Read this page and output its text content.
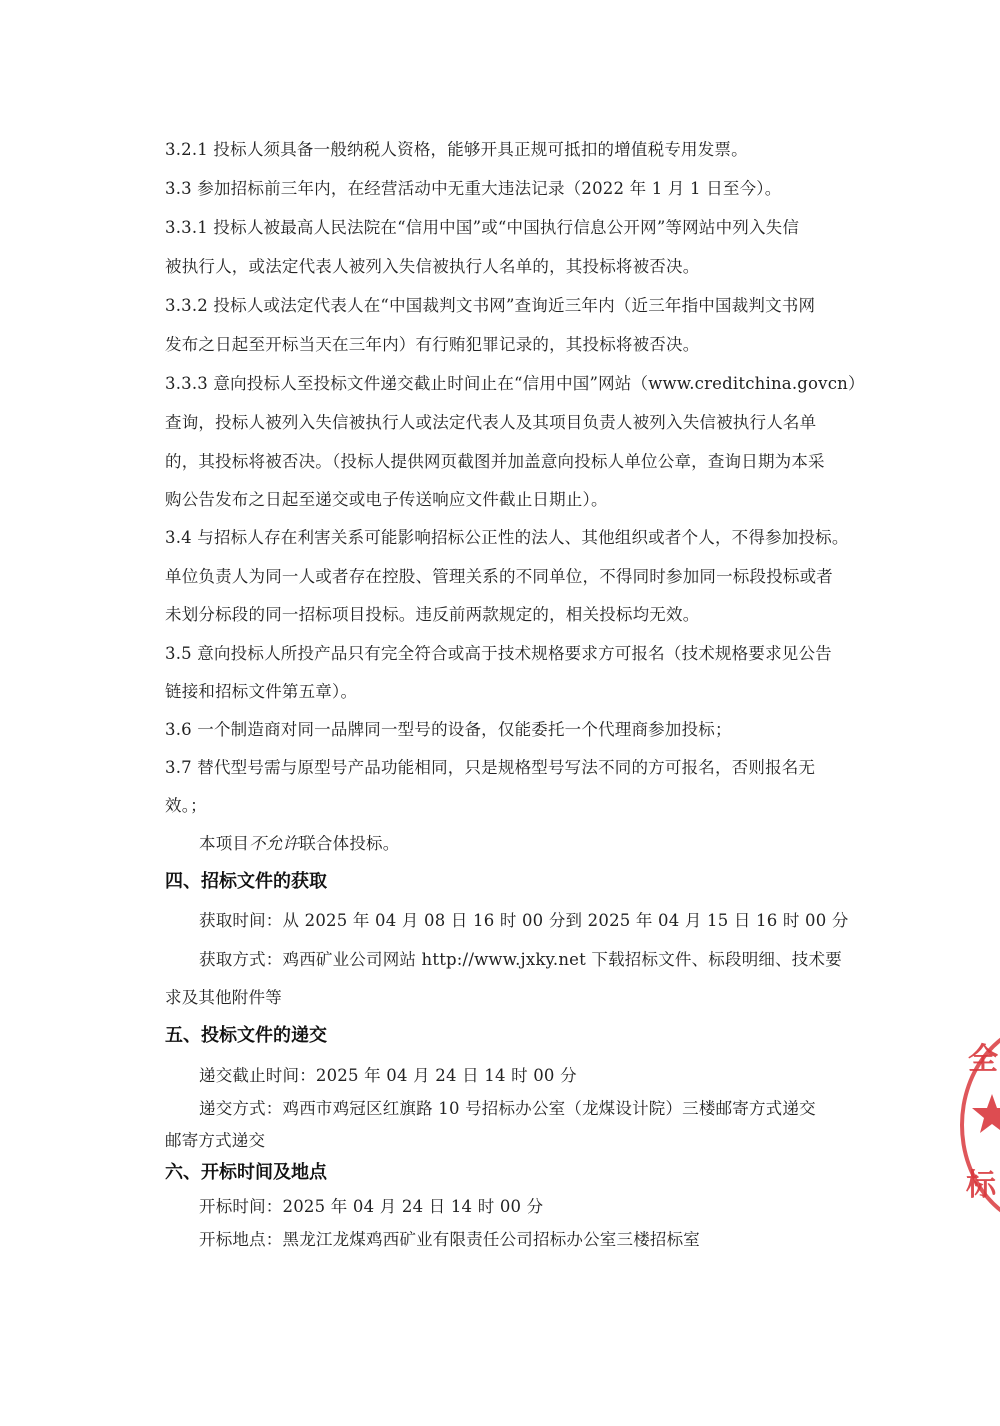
3.2.1 投标人须具备一般纳税人资格，能够开具正规可抵扣的增值税专用发票。
3.3 参加招标前三年内，在经营活动中无重大违法记录（2022 年 1 月 1 日至今）。
3.3.1 投标人被最高人民法院在“信用中国”或“中国执行信息公开网”等网站中列入失信
被执行人，或法定代表人被列入失信被执行人名单的，其投标将被否决。
3.3.2 投标人或法定代表人在“中国裁判文书网”查询近三年内（近三年指中国裁判文书网
发布之日起至开标当天在三年内）有行贿犯罪记录的，其投标将被否决。
3.3.3 意向投标人至投标文件递交截止时间止在“信用中国”网站（www.creditchina.govcn）
查询，投标人被列入失信被执行人或法定代表人及其项目负责人被列入失信被执行人名单
的，其投标将被否决。（投标人提供网页截图并加盖意向投标人单位公章，查询日期为本采
购公告发布之日起至递交或电子传送响应文件截止日期止）。
3.4 与招标人存在利害关系可能影响招标公正性的法人、其他组织或者个人，不得参加投标。
单位负责人为同一人或者存在控股、管理关系的不同单位，不得同时参加同一标段投标或者
未划分标段的同一招标项目投标。违反前两款规定的，相关投标均无效。
3.5 意向投标人所投产品只有完全符合或高于技术规格要求方可报名（技术规格要求见公告
链接和招标文件第五章）。
3.6 一个制造商对同一品牌同一型号的设备，仅能委托一个代理商参加投标；
3.7 替代型号需与原型号产品功能相同，只是规格型号写法不同的方可报名，否则报名无
效。；
本项目不允许联合体投标。
四、招标文件的获取
获取时间：从 2025 年 04 月 08 日 16 时 00 分到 2025 年 04 月 15 日 16 时 00 分
获取方式：鸡西矿业公司网站 http://www.jxky.net 下载招标文件、标段明细、技术要
求及其他附件等
五、投标文件的递交
递交截止时间：2025 年 04 月 24 日 14 时 00 分
递交方式：鸡西市鸡冠区红旗路 10 号招标办公室（龙煤设计院）三楼邮寄方式递交
邮寄方式递交
六、开标时间及地点
开标时间：2025 年 04 月 24 日 14 时 00 分
开标地点：黑龙江龙煤鸡西矿业有限责任公司招标办公室三楼招标室
全
标
